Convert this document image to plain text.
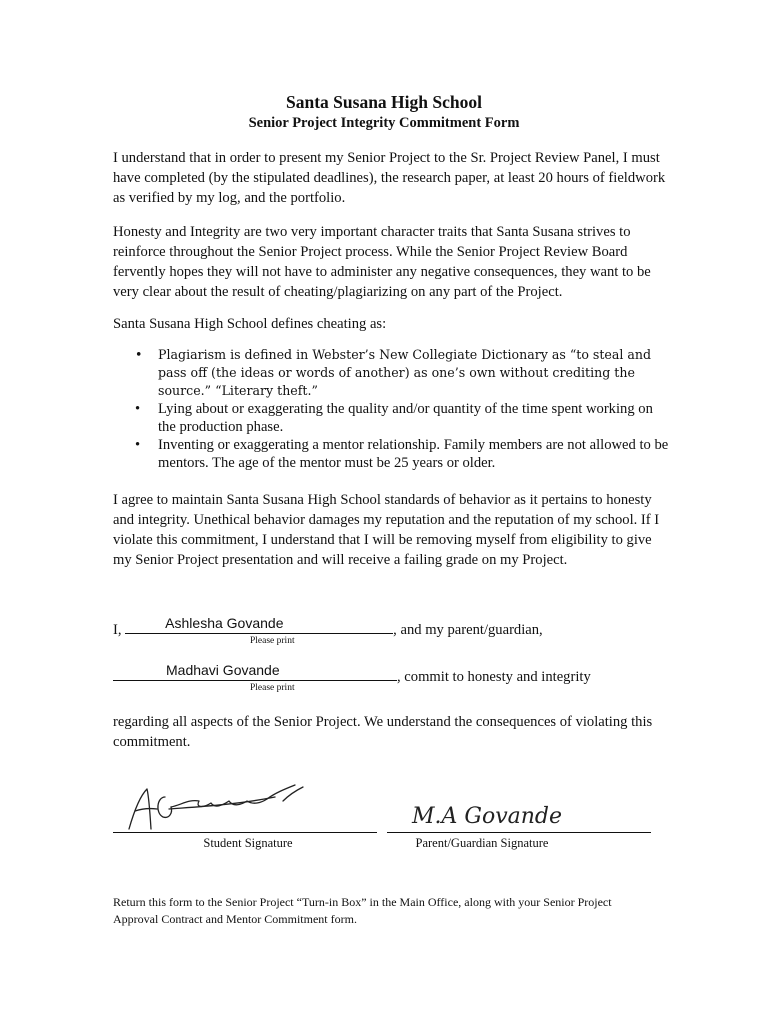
Santa Susana High School
Senior Project Integrity Commitment Form

I understand that in order to present my Senior Project to the Sr. Project Review Panel, I must have completed (by the stipulated deadlines), the research paper, at least 20 hours of fieldwork as verified by my log, and the portfolio.

Honesty and Integrity are two very important character traits that Santa Susana strives to reinforce throughout the Senior Project process. While the Senior Project Review Board fervently hopes they will not have to administer any negative consequences, they want to be very clear about the result of cheating/plagiarizing on any part of the Project.

Santa Susana High School defines cheating as:

• Plagiarism is defined in Webster’s New Collegiate Dictionary as “to steal and pass off (the ideas or words of another) as one’s own without crediting the source.” “Literary theft.”
• Lying about or exaggerating the quality and/or quantity of the time spent working on the production phase.
• Inventing or exaggerating a mentor relationship. Family members are not allowed to be mentors. The age of the mentor must be 25 years or older.

I agree to maintain Santa Susana High School standards of behavior as it pertains to honesty and integrity. Unethical behavior damages my reputation and the reputation of my school. If I violate this commitment, I understand that I will be removing myself from eligibility to give my Senior Project presentation and will receive a failing grade on my Project.

I,	Ashlesha Govande	, and my parent/guardian,
Please print
Madhavi Govande	, commit to honesty and integrity
Please print

regarding all aspects of the Senior Project. We understand the consequences of violating this commitment.

M.A Govande
Student Signature	Parent/Guardian Signature
Return this form to the Senior Project “Turn-in Box” in the Main Office, along with your Senior Project Approval Contract and Mentor Commitment form.
